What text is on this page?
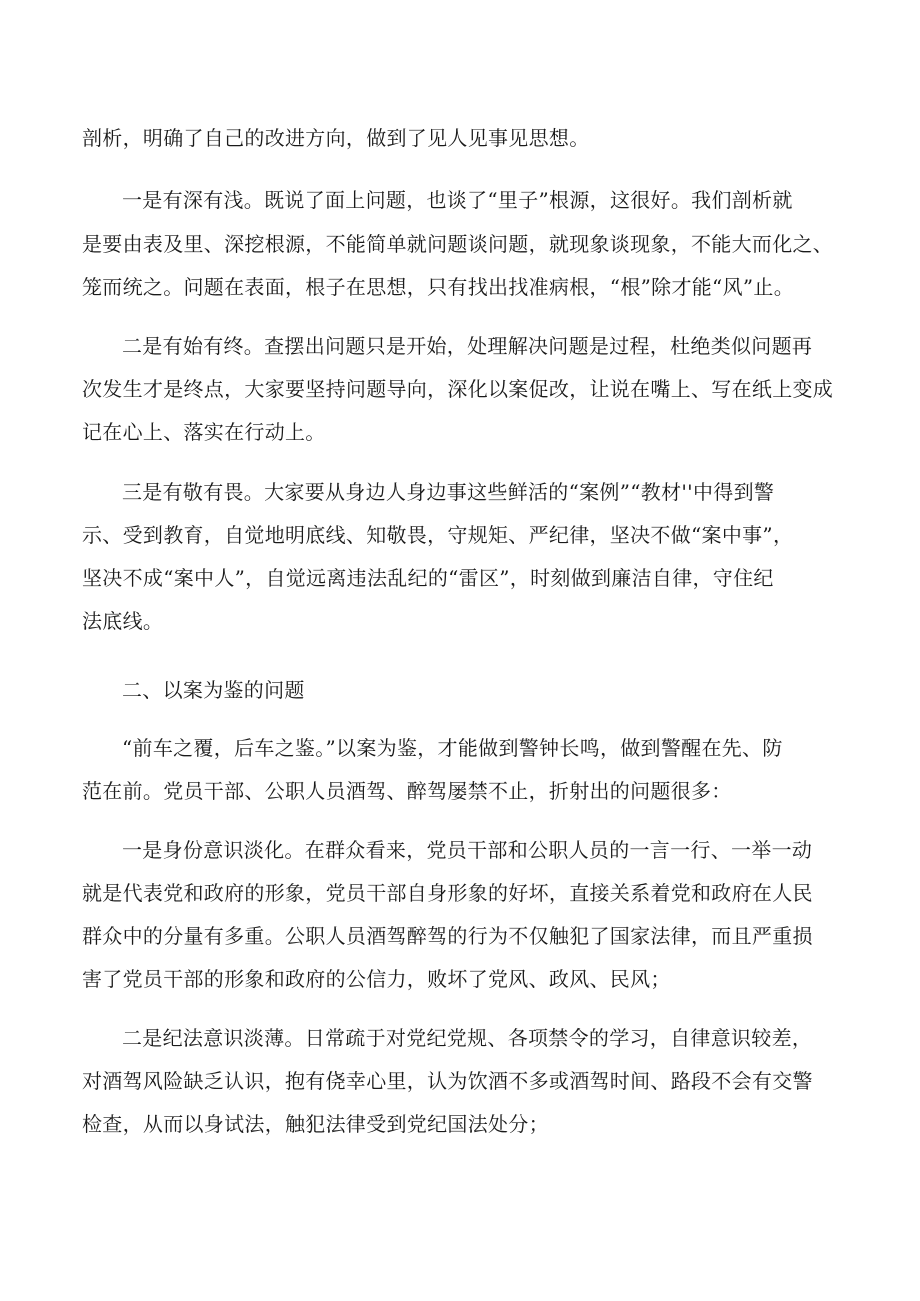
剖析，明确了自己的改进方向，做到了见人见事见思想。
一是有深有浅。既说了面上问题，也谈了“里子”根源，这很好。我们剖析就
是要由表及里、深挖根源，不能简单就问题谈问题，就现象谈现象，不能大而化之、
笼而统之。问题在表面，根子在思想，只有找出找准病根，“根”除才能“风”止。
二是有始有终。查摆出问题只是开始，处理解决问题是过程，杜绝类似问题再
次发生才是终点，大家要坚持问题导向，深化以案促改，让说在嘴上、写在纸上变成
记在心上、落实在行动上。
三是有敬有畏。大家要从身边人身边事这些鲜活的“案例”“教材''中得到警
示、受到教育，自觉地明底线、知敬畏，守规矩、严纪律，坚决不做“案中事”，
坚决不成“案中人”，自觉远离违法乱纪的“雷区”，时刻做到廉洁自律，守住纪
法底线。
二、以案为鉴的问题
“前车之覆，后车之鉴。”以案为鉴，才能做到警钟长鸣，做到警醒在先、防
范在前。党员干部、公职人员酒驾、醉驾屡禁不止，折射出的问题很多：
一是身份意识淡化。在群众看来，党员干部和公职人员的一言一行、一举一动
就是代表党和政府的形象，党员干部自身形象的好坏，直接关系着党和政府在人民
群众中的分量有多重。公职人员酒驾醉驾的行为不仅触犯了国家法律，而且严重损
害了党员干部的形象和政府的公信力，败坏了党风、政风、民风；
二是纪法意识淡薄。日常疏于对党纪党规、各项禁令的学习，自律意识较差，
对酒驾风险缺乏认识，抱有侥幸心里，认为饮酒不多或酒驾时间、路段不会有交警
检查，从而以身试法，触犯法律受到党纪国法处分；
